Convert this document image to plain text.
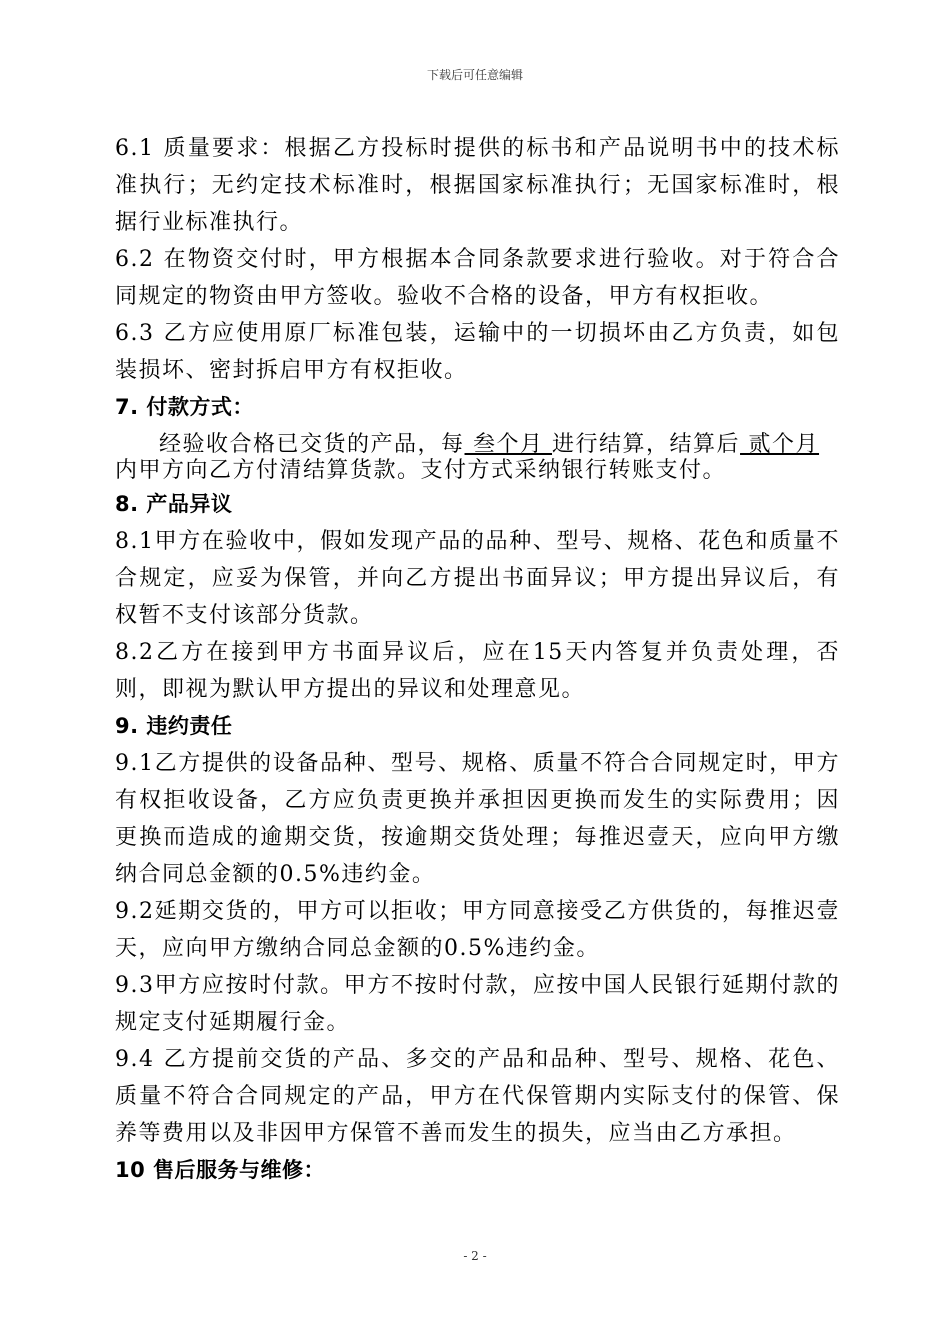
下载后可任意编辑

6.1 质量要求：根据乙方投标时提供的标书和产品说明书中的技术标准执行；无约定技术标准时，根据国家标准执行；无国家标准时，根据行业标准执行。

6.2 在物资交付时，甲方根据本合同条款要求进行验收。对于符合合同规定的物资由甲方签收。验收不合格的设备，甲方有权拒收。

6.3 乙方应使用原厂标准包装，运输中的一切损坏由乙方负责，如包装损坏、密封拆启甲方有权拒收。

7. 付款方式：

经验收合格已交货的产品，每 叁个月 进行结算，结算后 贰个月 内甲方向乙方付清结算货款。支付方式采纳银行转账支付。

8. 产品异议

8.1甲方在验收中，假如发现产品的品种、型号、规格、花色和质量不合规定，应妥为保管，并向乙方提出书面异议；甲方提出异议后，有权暂不支付该部分货款。

8.2乙方在接到甲方书面异议后，应在15天内答复并负责处理，否则，即视为默认甲方提出的异议和处理意见。

9. 违约责任

9.1乙方提供的设备品种、型号、规格、质量不符合合同规定时，甲方有权拒收设备，乙方应负责更换并承担因更换而发生的实际费用；因更换而造成的逾期交货，按逾期交货处理；每推迟壹天，应向甲方缴纳合同总金额的0.5%违约金。

9.2延期交货的，甲方可以拒收；甲方同意接受乙方供货的，每推迟壹天，应向甲方缴纳合同总金额的0.5%违约金。

9.3甲方应按时付款。甲方不按时付款，应按中国人民银行延期付款的规定支付延期履行金。

9.4 乙方提前交货的产品、多交的产品和品种、型号、规格、花色、质量不符合合同规定的产品，甲方在代保管期内实际支付的保管、保养等费用以及非因甲方保管不善而发生的损失，应当由乙方承担。

10 售后服务与维修：

- 2 -
